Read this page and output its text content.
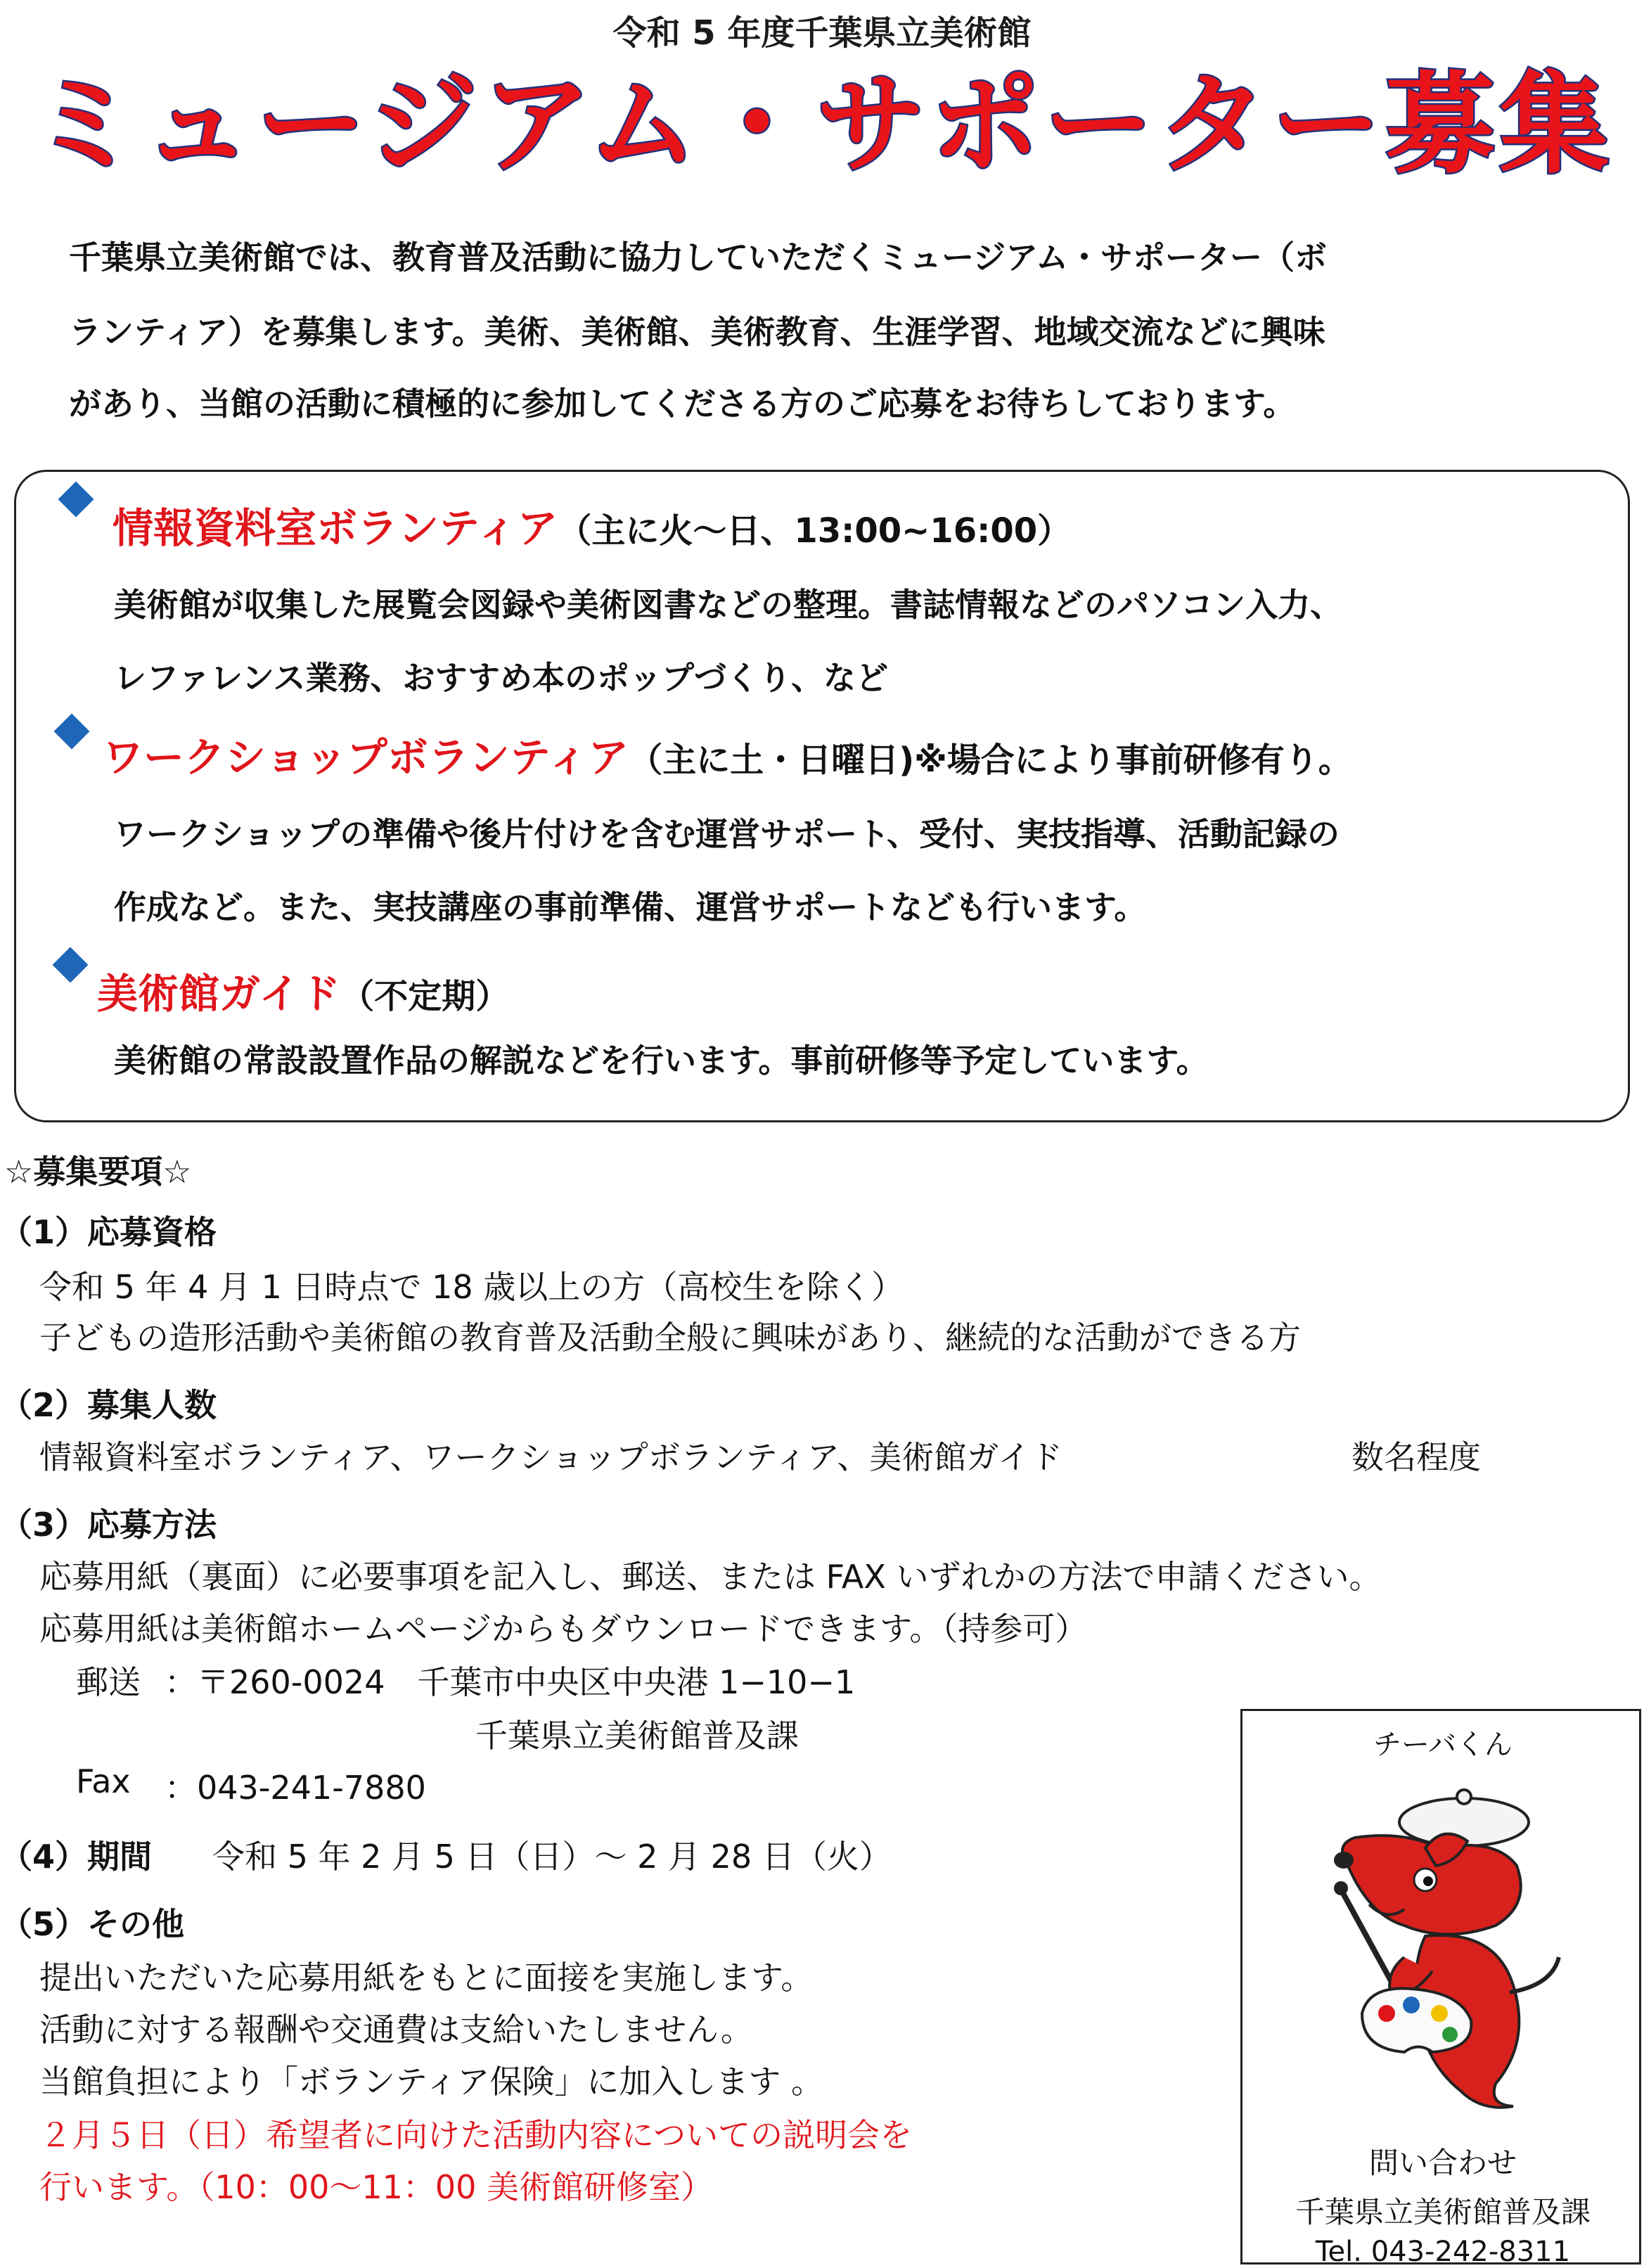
令和 5 年度千葉県立美術館
ミュージアム・サポーター募集
千葉県立美術館では、教育普及活動に協力していただくミュージアム・サポーター（ボ
ランティア）を募集します。美術、美術館、美術教育、生涯学習、地域交流などに興味
があり、当館の活動に積極的に参加してくださる方のご応募をお待ちしております。
情報資料室ボランティア（主に火〜日、13:00~16:00）
美術館が収集した展覧会図録や美術図書などの整理。書誌情報などのパソコン入力、
レファレンス業務、おすすめ本のポップづくり、など
ワークショップボランティア（主に土・日曜日)※場合により事前研修有り。
ワークショップの準備や後片付けを含む運営サポート、受付、実技指導、活動記録の
作成など。また、実技講座の事前準備、運営サポートなども行います。
美術館ガイド（不定期）
美術館の常設設置作品の解説などを行います。事前研修等予定しています。
☆募集要項☆
（1）応募資格
令和 5 年 4 月 1 日時点で 18 歳以上の方（高校生を除く）
子どもの造形活動や美術館の教育普及活動全般に興味があり、継続的な活動ができる方
（2）募集人数
情報資料室ボランティア、ワークショップボランティア、美術館ガイド	数名程度
（3）応募方法
応募用紙（裏面）に必要事項を記入し、郵送、または FAX いずれかの方法で申請ください。
応募用紙は美術館ホームページからもダウンロードできます。（持参可）
郵送 ：〒260-0024　千葉市中央区中央港 1−10−1
千葉県立美術館普及課
Fax ：043-241-7880
（4）期間 令和 5 年 2 月 5 日（日）〜 2 月 28 日（火）
（5）その他
提出いただいた応募用紙をもとに面接を実施します。
活動に対する報酬や交通費は支給いたしません。
当館負担により「ボランティア保険」に加入します 。
２月５日（日）希望者に向けた活動内容についての説明会を
行います。（10：00〜11：00 美術館研修室）
チーバくん
問い合わせ
千葉県立美術館普及課
Tel. 043-242-8311
